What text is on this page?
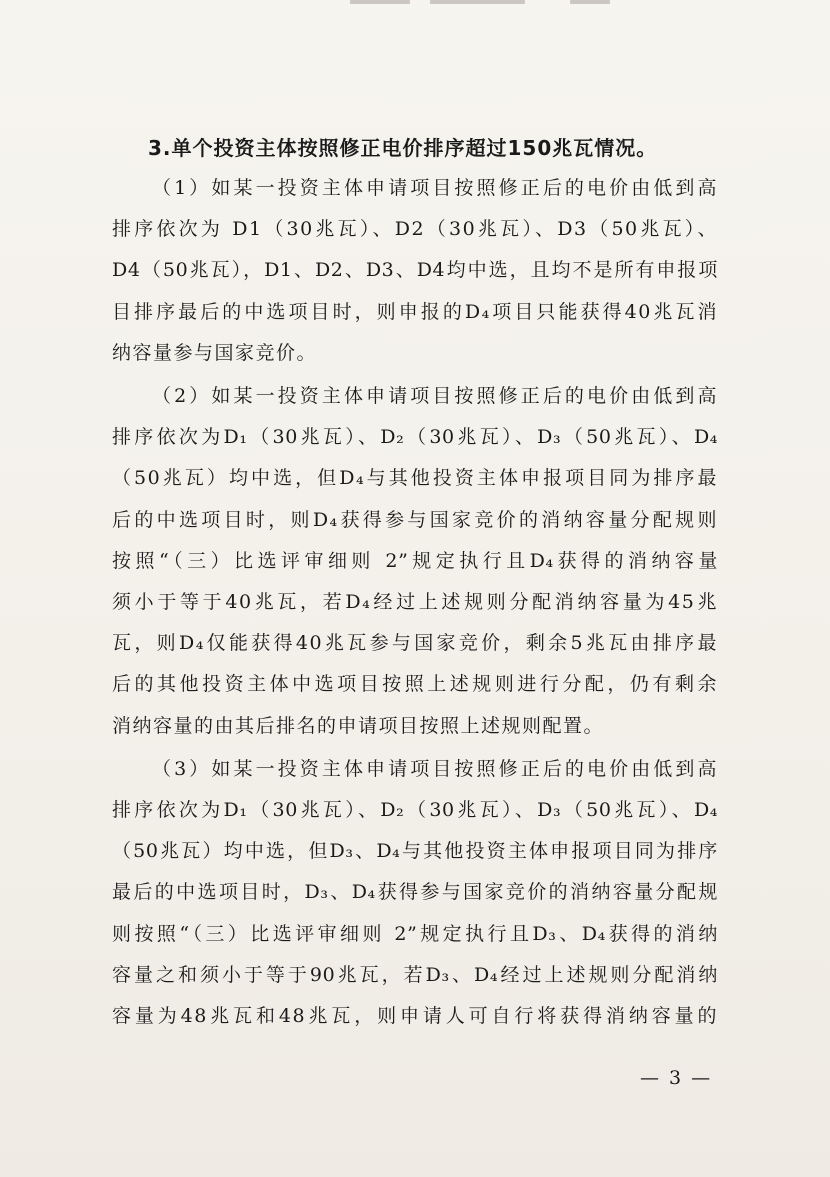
3.单个投资主体按照修正电价排序超过150兆瓦情况。

（1）如某一投资主体申请项目按照修正后的电价由低到高
排序依次为 D1（30兆瓦）、D2（30兆瓦）、D3（50兆瓦）、
D4（50兆瓦），D1、D2、D3、D4均中选，且均不是所有申报项
目排序最后的中选项目时，则申报的D₄项目只能获得40兆瓦消
纳容量参与国家竞价。

（2）如某一投资主体申请项目按照修正后的电价由低到高
排序依次为D₁（30兆瓦）、D₂（30兆瓦）、D₃（50兆瓦）、D₄
（50兆瓦）均中选，但D₄与其他投资主体申报项目同为排序最
后的中选项目时，则D₄获得参与国家竞价的消纳容量分配规则
按照“（三）比选评审细则 2”规定执行且D₄获得的消纳容量
须小于等于40兆瓦，若D₄经过上述规则分配消纳容量为45兆
瓦，则D₄仅能获得40兆瓦参与国家竞价，剩余5兆瓦由排序最
后的其他投资主体中选项目按照上述规则进行分配，仍有剩余
消纳容量的由其后排名的申请项目按照上述规则配置。

（3）如某一投资主体申请项目按照修正后的电价由低到高
排序依次为D₁（30兆瓦）、D₂（30兆瓦）、D₃（50兆瓦）、D₄
（50兆瓦）均中选，但D₃、D₄与其他投资主体申报项目同为排序
最后的中选项目时，D₃、D₄获得参与国家竞价的消纳容量分配规
则按照“（三）比选评审细则 2”规定执行且D₃、D₄获得的消纳
容量之和须小于等于90兆瓦，若D₃、D₄经过上述规则分配消纳
容量为48兆瓦和48兆瓦，则申请人可自行将获得消纳容量的

— 3 —
